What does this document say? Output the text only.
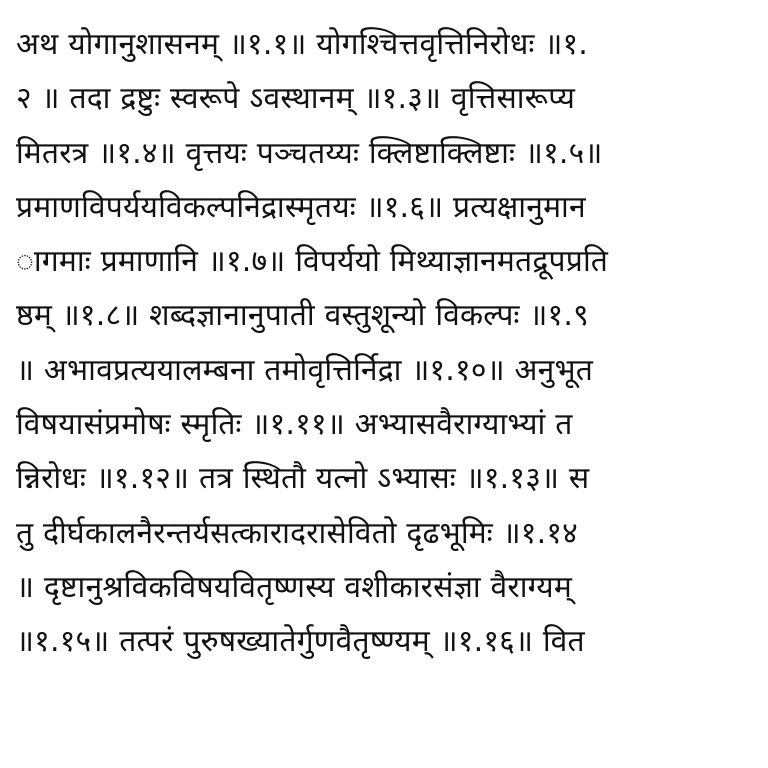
अथ योगानुशासनम् ॥१.१॥ योगश्चित्तवृत्तिनिरोधः ॥१.
२ ॥ तदा द्रष्टुः स्वरूपे ऽवस्थानम् ॥१.३॥ वृत्तिसारूप्य
मितरत्र ॥१.४॥ वृत्तयः पञ्चतय्यः क्लिष्टाक्लिष्टाः ॥१.५॥
प्रमाणविपर्ययविकल्पनिद्रास्मृतयः ॥१.६॥ प्रत्यक्षानुमान
ागमाः प्रमाणानि ॥१.७॥ विपर्ययो मिथ्याज्ञानमतद्रूपप्रति
ष्ठम् ॥१.८॥ शब्दज्ञानानुपाती वस्तुशून्यो विकल्पः ॥१.९
॥ अभावप्रत्ययालम्बना तमोवृत्तिर्निद्रा ॥१.१०॥ अनुभूत
विषयासंप्रमोषः स्मृतिः ॥१.११॥ अभ्यासवैराग्याभ्यां त
न्निरोधः ॥१.१२॥ तत्र स्थितौ यत्नो ऽभ्यासः ॥१.१३॥ स
तु दीर्घकालनैरन्तर्यसत्कारादरासेवितो दृढभूमिः ॥१.१४
॥ दृष्टानुश्रविकविषयवितृष्णस्य वशीकारसंज्ञा वैराग्यम्
॥१.१५॥ तत्परं पुरुषख्यातेर्गुणवैतृष्ण्यम् ॥१.१६॥ वित
